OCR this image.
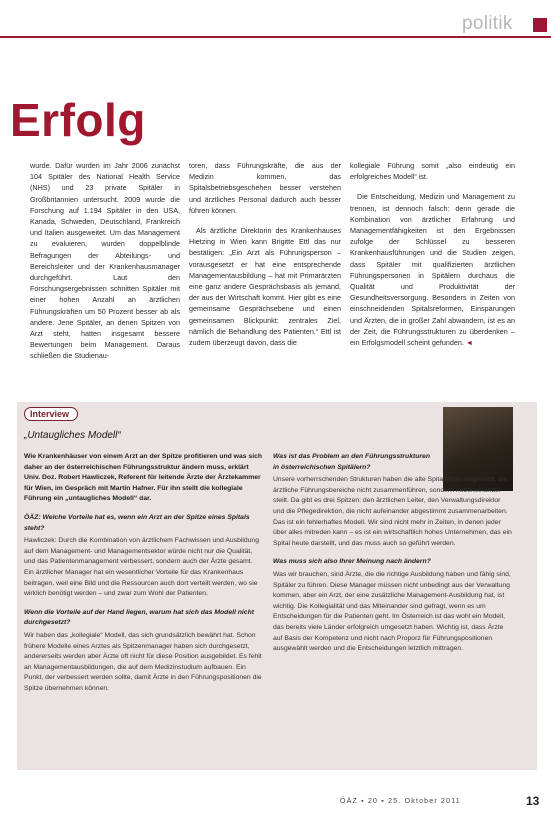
politik
Erfolg

wurde. Dafür wurden im Jahr 2006 zunächst 104 Spitäler des National Health Service (NHS) und 23 private Spitäler in Großbritannien untersucht. 2009 wurde die Forschung auf 1.194 Spitäler in den USA, Kanada, Schweden, Deutschland, Frankreich und Italien ausgeweitet. Um das Management zu evaluieren, wurden doppelblinde Befragungen der Abteilungs- und Bereichsleiter und der Krankenhausmanager durchgeführt. Laut den Forschungsergebnissen schnitten Spitäler mit einer hohen Anzahl an ärztlichen Führungskräften um 50 Prozent besser ab als andere. Jene Spitäler, an denen Spitzen von Arzt steht, hatten insgesamt bessere Bewertungen beim Management. Daraus schließen die Studienau-

toren, dass Führungskräfte, die aus der Medizin kommen, das Spitalsbetriebsgeschehen besser verstehen und ärztliches Personal dadurch auch besser führen können.

Als ärztliche Direktorin des Krankenhauses Hietzing in Wien kann Brigitte Ettl das nur bestätigen: „Ein Arzt als Führungsperson – vorausgesetzt er hat eine entsprechende Managementausbildung – hat mit Primarärzten eine ganz andere Gesprächsbasis als jemand, der aus der Wirtschaft kommt. Hier gibt es eine gemeinsame Gesprächsebene und einen gemeinsamen Blickpunkt: zentrales Ziel, nämlich die Behandlung des Patienten.“ Ettl ist zudem überzeugt davon, dass die

kollegiale Führung somit „also eindeutig ein erfolgreiches Modell“ ist.

Die Entscheidung, Medizin und Management zu trennen, ist dennoch falsch: denn gerade die Kombination von ärztlicher Erfahrung und Managementfähigkeiten ist den Ergebnissen zufolge der Schlüssel zu besseren Krankenhausführungen und die Studien zeigen, dass Spitäler mit qualifizierten ärztlichen Führungspersonen in Spitälern durchaus die Qualität und Produktivität der Gesundheitsversorgung. Besonders in Zeiten von einschneidenden Spitalsreformen, Einsparungen und Ärzten, die in großer Zahl abwandern, ist es an der Zeit, die Führungsstrukturen zu überdenken – ein Erfolgsmodell scheint gefunden. ◄

Interview
„Untaugliches Modell“

Wie Krankenhäuser von einem Arzt an der Spitze profitieren und was sich daher an der österreichischen Führungsstruktur ändern muss, erklärt Univ. Doz. Robert Hawliczek, Referent für leitende Ärzte der Ärztekammer für Wien, im Gespräch mit Martin Hafner. Für ihn stellt die kollegiale Führung ein „untaugliches Modell“ dar.

ÖÄZ: Welche Vorteile hat es, wenn ein Arzt an der Spitze eines Spitals steht?

Hawliczek: Durch die Kombination von ärztlichem Fachwissen und Ausbildung auf dem Management- und Managementsektor würde nicht nur die Qualität, und das Patientenmanagement verbessert, sondern auch der Ärzte gesamt. Ein ärztlicher Manager hat ein wesentlicher Vorteile für das Krankenhaus beitragen, weil eine Bild und die Ressourcen auch dort verteilt werden, wo sie wirklich benötigt werden – und zwar zum Wohl der Patienten.

Wenn die Vorteile auf der Hand liegen, warum hat sich das Modell nicht durchgesetzt?

Wir haben das „kollegiale“ Modell, das sich grundsätzlich bewährt hat. Schon frühere Modelle eines Arztes als Spitzenmanager haben sich durchgesetzt, andererseits werden aber Ärzte oft nicht für diese Position ausgebildet. Es fehlt an Managementausbildungen, die auf dem Medizinstudium aufbauen. Ein Punkt, der verbessert werden sollte, damit Ärzte in den Führungspositionen die Spitze übernehmen können.

Was ist das Problem an den Führungsstrukturen in österreichischen Spitälern?

Unsere vorherrschenden Strukturen haben die alte Spitalsform eingesetzt, die ärztliche Führungsbereiche nicht zusammenführen, sondern nebeneinander stellt. Da gibt es drei Spitzen: den ärztlichen Leiter, den Verwaltungsdirektor und die Pflegedirektion, die nicht aufeinander abgestimmt zusammenarbeiten. Das ist ein fehlerhaftes Modell. Wir sind nicht mehr in Zeiten, in denen jeder über alles mitreden kann – es ist ein wirtschaftlich hohes Unternehmen, das ein Spital heute darstellt, und das muss auch so geführt werden.

Was muss sich also Ihrer Meinung nach ändern?

Was wir brauchen, sind Ärzte, die die richtige Ausbildung haben und fähig sind, Spitäler zu führen. Diese Manager müssen nicht unbedingt aus der Verwaltung kommen, aber ein Arzt, der eine zusätzliche Management-Ausbildung hat, ist wichtig. Die Kollegialität und das Miteinander sind gefragt, wenn es um Entscheidungen für die Patienten geht. Im Österreich ist das wohl ein Modell, das bereits viele Länder erfolgreich umgesetzt haben. Wichtig ist, dass Ärzte auf Basis der Kompetenz und nicht nach Proporz für Führungspositionen ausgewählt werden und die Entscheidungen letztlich mittragen.

ÖÄZ ▪ 20 ▪ 25. Oktober 2011	13
